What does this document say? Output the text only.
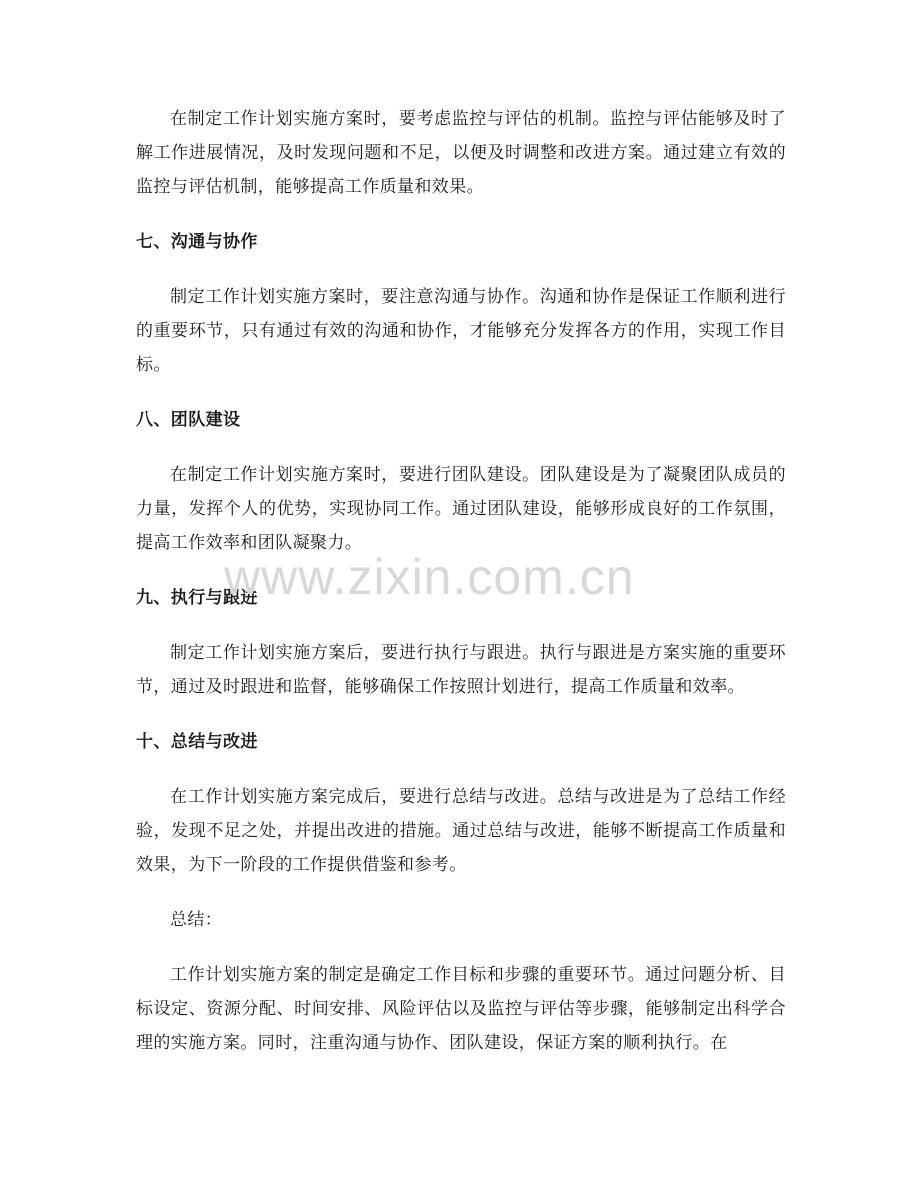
在制定工作计划实施方案时，要考虑监控与评估的机制。监控与评估能够及时了解工作进展情况，及时发现问题和不足，以便及时调整和改进方案。通过建立有效的监控与评估机制，能够提高工作质量和效果。

七、沟通与协作

制定工作计划实施方案时，要注意沟通与协作。沟通和协作是保证工作顺利进行的重要环节，只有通过有效的沟通和协作，才能够充分发挥各方的作用，实现工作目标。

八、团队建设

在制定工作计划实施方案时，要进行团队建设。团队建设是为了凝聚团队成员的力量，发挥个人的优势，实现协同工作。通过团队建设，能够形成良好的工作氛围，提高工作效率和团队凝聚力。

九、执行与跟进

制定工作计划实施方案后，要进行执行与跟进。执行与跟进是方案实施的重要环节，通过及时跟进和监督，能够确保工作按照计划进行，提高工作质量和效率。

十、总结与改进

在工作计划实施方案完成后，要进行总结与改进。总结与改进是为了总结工作经验，发现不足之处，并提出改进的措施。通过总结与改进，能够不断提高工作质量和效果，为下一阶段的工作提供借鉴和参考。

总结：

工作计划实施方案的制定是确定工作目标和步骤的重要环节。通过问题分析、目标设定、资源分配、时间安排、风险评估以及监控与评估等步骤，能够制定出科学合理的实施方案。同时，注重沟通与协作、团队建设，保证方案的顺利执行。在

www.zixin.com.cn
